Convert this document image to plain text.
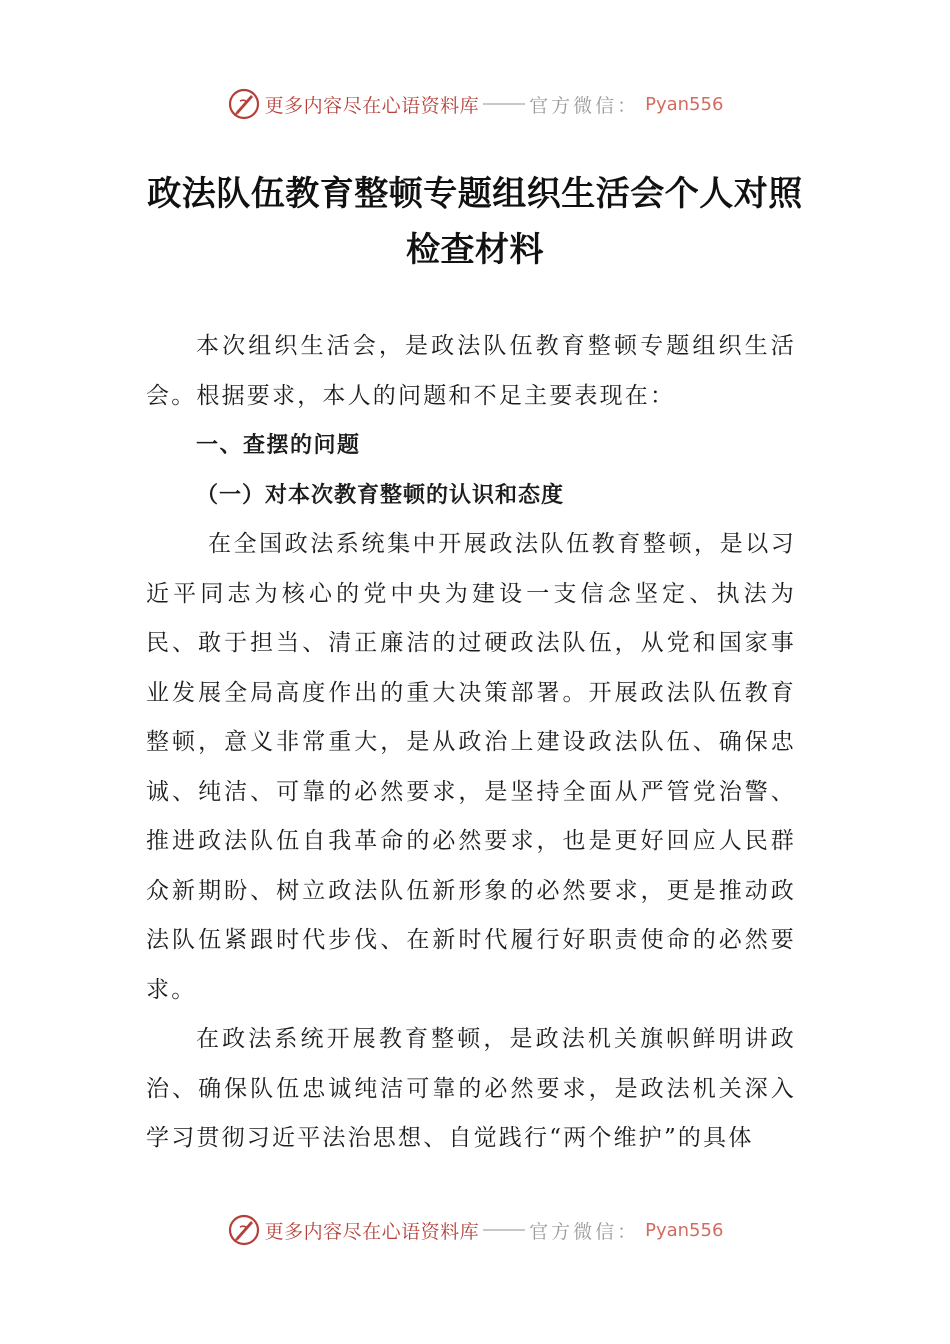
更多内容尽在心语资料库	官方微信： Pyan556
政法队伍教育整顿专题组织生活会个人对照检查材料

本次组织生活会，是政法队伍教育整顿专题组织生活会。根据要求，本人的问题和不足主要表现在：

一、查摆的问题

（一）对本次教育整顿的认识和态度

在全国政法系统集中开展政法队伍教育整顿，是以习近平同志为核心的党中央为建设一支信念坚定、执法为民、敢于担当、清正廉洁的过硬政法队伍，从党和国家事业发展全局高度作出的重大决策部署。开展政法队伍教育整顿，意义非常重大，是从政治上建设政法队伍、确保忠诚、纯洁、可靠的必然要求，是坚持全面从严管党治警、推进政法队伍自我革命的必然要求，也是更好回应人民群众新期盼、树立政法队伍新形象的必然要求，更是推动政法队伍紧跟时代步伐、在新时代履行好职责使命的必然要求。

在政法系统开展教育整顿，是政法机关旗帜鲜明讲政治、确保队伍忠诚纯洁可靠的必然要求，是政法机关深入学习贯彻习近平法治思想、自觉践行“两个维护”的具体

更多内容尽在心语资料库	官方微信： Pyan556
